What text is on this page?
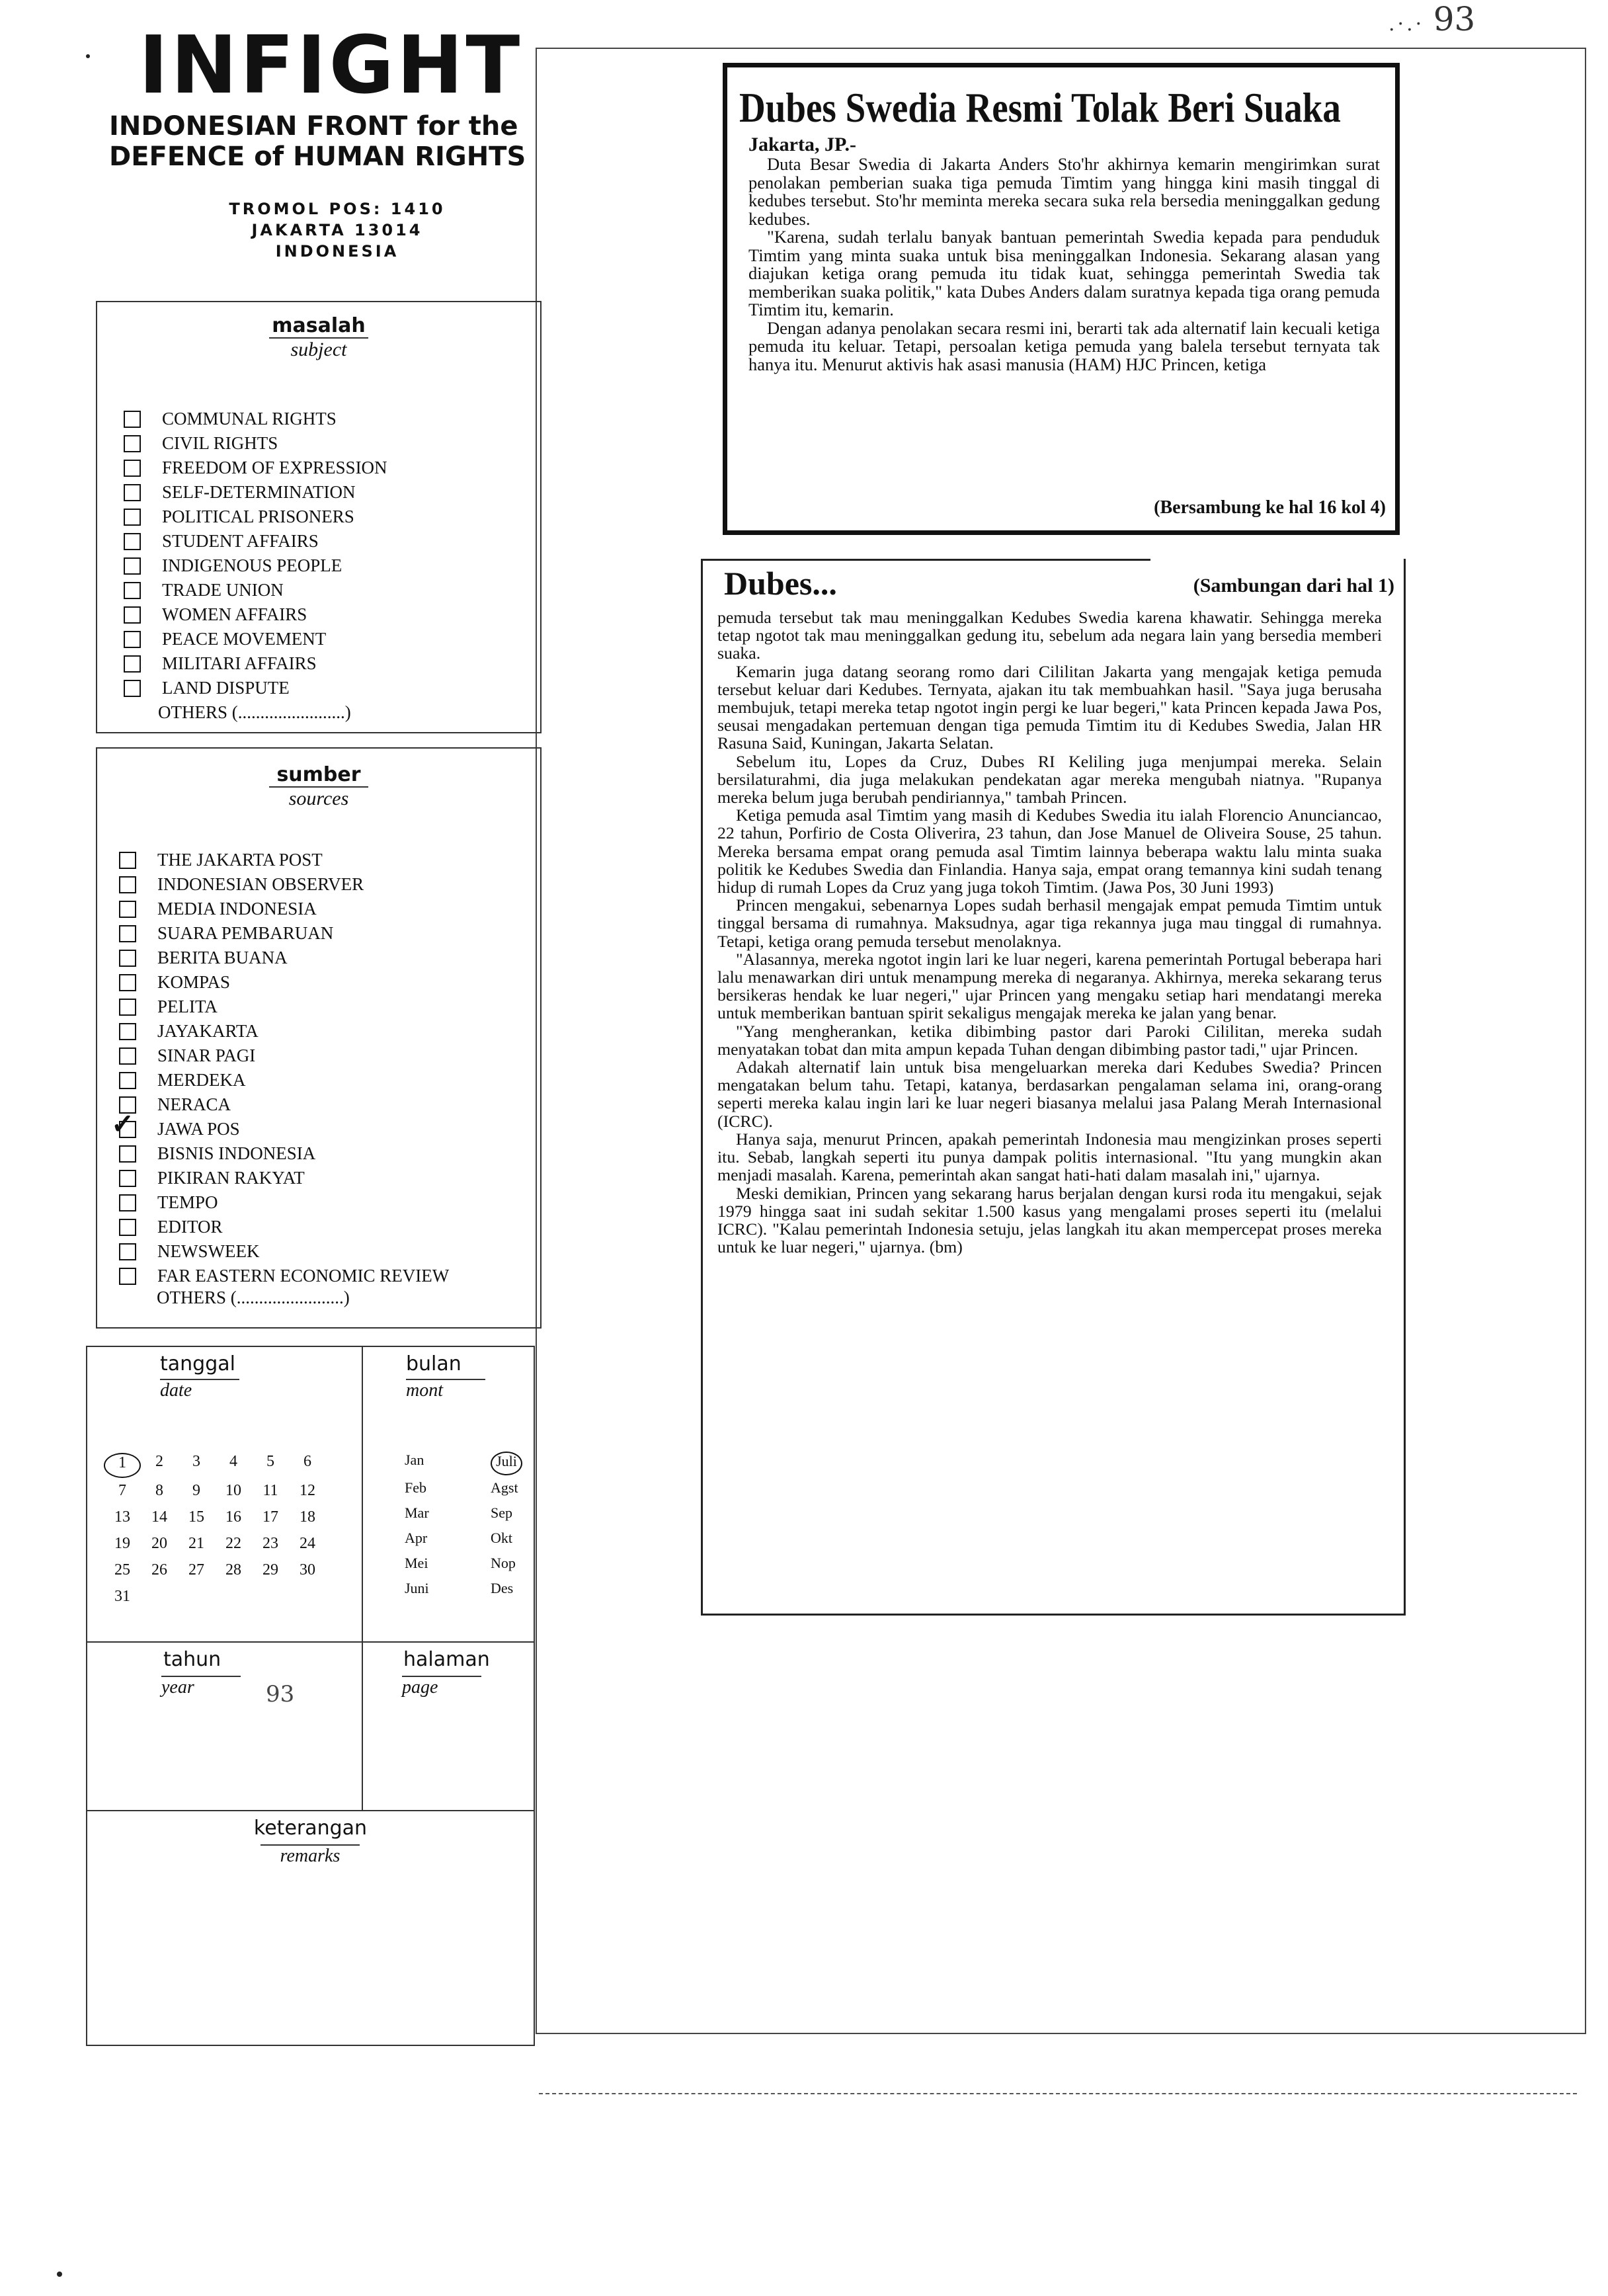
.·.· 93
INFIGHT
INDONESIAN FRONT for the
DEFENCE of HUMAN RIGHTS
TROMOL POS: 1410
JAKARTA 13014
INDONESIA
masalah
subject
COMMUNAL RIGHTS
CIVIL RIGHTS
FREEDOM OF EXPRESSION
SELF-DETERMINATION
POLITICAL PRISONERS
STUDENT AFFAIRS
INDIGENOUS PEOPLE
TRADE UNION
WOMEN AFFAIRS
PEACE MOVEMENT
MILITARI AFFAIRS
LAND DISPUTE
OTHERS (........................)
sumber
sources
THE JAKARTA POST
INDONESIAN OBSERVER
MEDIA INDONESIA
SUARA PEMBARUAN
BERITA BUANA
KOMPAS
PELITA
JAYAKARTA
SINAR PAGI
MERDEKA
NERACA
✓
JAWA POS
BISNIS INDONESIA
PIKIRAN RAKYAT
TEMPO
EDITOR
NEWSWEEK
FAR EASTERN ECONOMIC REVIEW
OTHERS (........................)
tanggal
date
1	2	3	4	5	6
7	8	9	10	11	12
13	14	15	16	17	18
19	20	21	22	23	24
25	26	27	28	29	30
31
bulan
mont
Jan	Juli
Feb	Agst
Mar	Sep
Apr	Okt
Mei	Nop
Juni	Des
tahun
year	93
halaman
page
keterangan
remarks
Dubes Swedia Resmi Tolak Beri Suaka
Jakarta, JP.-

Duta Besar Swedia di Jakarta Anders Sto'hr akhirnya kemarin mengirimkan surat penolakan pemberian suaka tiga pemuda Timtim yang hingga kini masih tinggal di kedubes tersebut. Sto'hr meminta mereka secara suka rela bersedia meninggalkan gedung kedubes.

"Karena, sudah terlalu banyak bantuan pemerintah Swedia kepada para penduduk Timtim yang minta suaka untuk bisa meninggalkan Indonesia. Sekarang alasan yang diajukan ketiga orang pemuda itu tidak kuat, sehingga pemerintah Swedia tak memberikan suaka politik," kata Dubes Anders dalam suratnya kepada tiga orang pemuda Timtim itu, kemarin.

Dengan adanya penolakan secara resmi ini, berarti tak ada alternatif lain kecuali ketiga pemuda itu keluar. Tetapi, persoalan ketiga pemuda yang balela tersebut ternyata tak hanya itu. Menurut aktivis hak asasi manusia (HAM) HJC Princen, ketiga

(Bersambung ke hal 16 kol 4)
Dubes...	(Sambungan dari hal 1)

pemuda tersebut tak mau meninggalkan Kedubes Swedia karena khawatir. Sehingga mereka tetap ngotot tak mau meninggalkan gedung itu, sebelum ada negara lain yang bersedia memberi suaka.

Kemarin juga datang seorang romo dari Cililitan Jakarta yang mengajak ketiga pemuda tersebut keluar dari Kedubes. Ternyata, ajakan itu tak membuahkan hasil. "Saya juga berusaha membujuk, tetapi mereka tetap ngotot ingin pergi ke luar begeri," kata Princen kepada Jawa Pos, seusai mengadakan pertemuan dengan tiga pemuda Timtim itu di Kedubes Swedia, Jalan HR Rasuna Said, Kuningan, Jakarta Selatan.

Sebelum itu, Lopes da Cruz, Dubes RI Keliling juga menjumpai mereka. Selain bersilaturahmi, dia juga melakukan pendekatan agar mereka mengubah niatnya. "Rupanya mereka belum juga berubah pendiriannya," tambah Princen.

Ketiga pemuda asal Timtim yang masih di Kedubes Swedia itu ialah Florencio Anunciancao, 22 tahun, Porfirio de Costa Oliverira, 23 tahun, dan Jose Manuel de Oliveira Souse, 25 tahun. Mereka bersama empat orang pemuda asal Timtim lainnya beberapa waktu lalu minta suaka politik ke Kedubes Swedia dan Finlandia. Hanya saja, empat orang temannya kini sudah tenang hidup di rumah Lopes da Cruz yang juga tokoh Timtim. (Jawa Pos, 30 Juni 1993)

Princen mengakui, sebenarnya Lopes sudah berhasil mengajak empat pemuda Timtim untuk tinggal bersama di rumahnya. Maksudnya, agar tiga rekannya juga mau tinggal di rumahnya. Tetapi, ketiga orang pemuda tersebut menolaknya.

"Alasannya, mereka ngotot ingin lari ke luar negeri, karena pemerintah Portugal beberapa hari lalu menawarkan diri untuk menampung mereka di negaranya. Akhirnya, mereka sekarang terus bersikeras hendak ke luar negeri," ujar Princen yang mengaku setiap hari mendatangi mereka untuk memberikan bantuan spirit sekaligus mengajak mereka ke jalan yang benar.

"Yang mengherankan, ketika dibimbing pastor dari Paroki Cililitan, mereka sudah menyatakan tobat dan mita ampun kepada Tuhan dengan dibimbing pastor tadi," ujar Princen.

Adakah alternatif lain untuk bisa mengeluarkan mereka dari Kedubes Swedia? Princen mengatakan belum tahu. Tetapi, katanya, berdasarkan pengalaman selama ini, orang-orang seperti mereka kalau ingin lari ke luar negeri biasanya melalui jasa Palang Merah Internasional (ICRC).

Hanya saja, menurut Princen, apakah pemerintah Indonesia mau mengizinkan proses seperti itu. Sebab, langkah seperti itu punya dampak politis internasional. "Itu yang mungkin akan menjadi masalah. Karena, pemerintah akan sangat hati-hati dalam masalah ini," ujarnya.

Meski demikian, Princen yang sekarang harus berjalan dengan kursi roda itu mengakui, sejak 1979 hingga saat ini sudah sekitar 1.500 kasus yang mengalami proses seperti itu (melalui ICRC). "Kalau pemerintah Indonesia setuju, jelas langkah itu akan mempercepat proses mereka untuk ke luar negeri," ujarnya. (bm)
